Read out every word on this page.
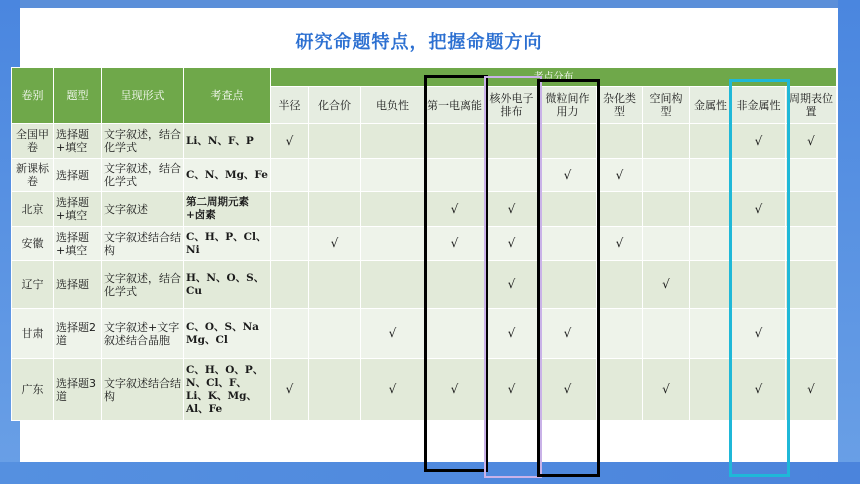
研究命题特点，把握命题方向
卷别	题型	呈现形式	考查点	考点分布										
				半径	化合价	电负性	第一电离能	核外电子排布	微粒间作用力	杂化类型	空间构型	金属性	非金属性	周期表位置
全国甲卷	选择题+填空	文字叙述，结合化学式	Li、N、F、P	√									√	√
新课标卷	选择题	文字叙述，结合化学式	C、N、Mg、Fe						√	√				
北京	选择题+填空	文字叙述	第二周期元素+卤素				√	√					√	
安徽	选择题+填空	文字叙述结合结构	C、H、P、Cl、Ni		√		√	√		√				
辽宁	选择题	文字叙述，结合化学式	H、N、O、S、Cu					√			√			
甘肃	选择题2道	文字叙述+文字叙述结合晶胞	C、O、S、Na Mg、Cl			√		√	√				√	
广东	选择题3道	文字叙述结合结构	C、H、O、P、N、Cl、F、Li、K、Mg、Al、Fe	√		√	√	√	√		√		√	√
